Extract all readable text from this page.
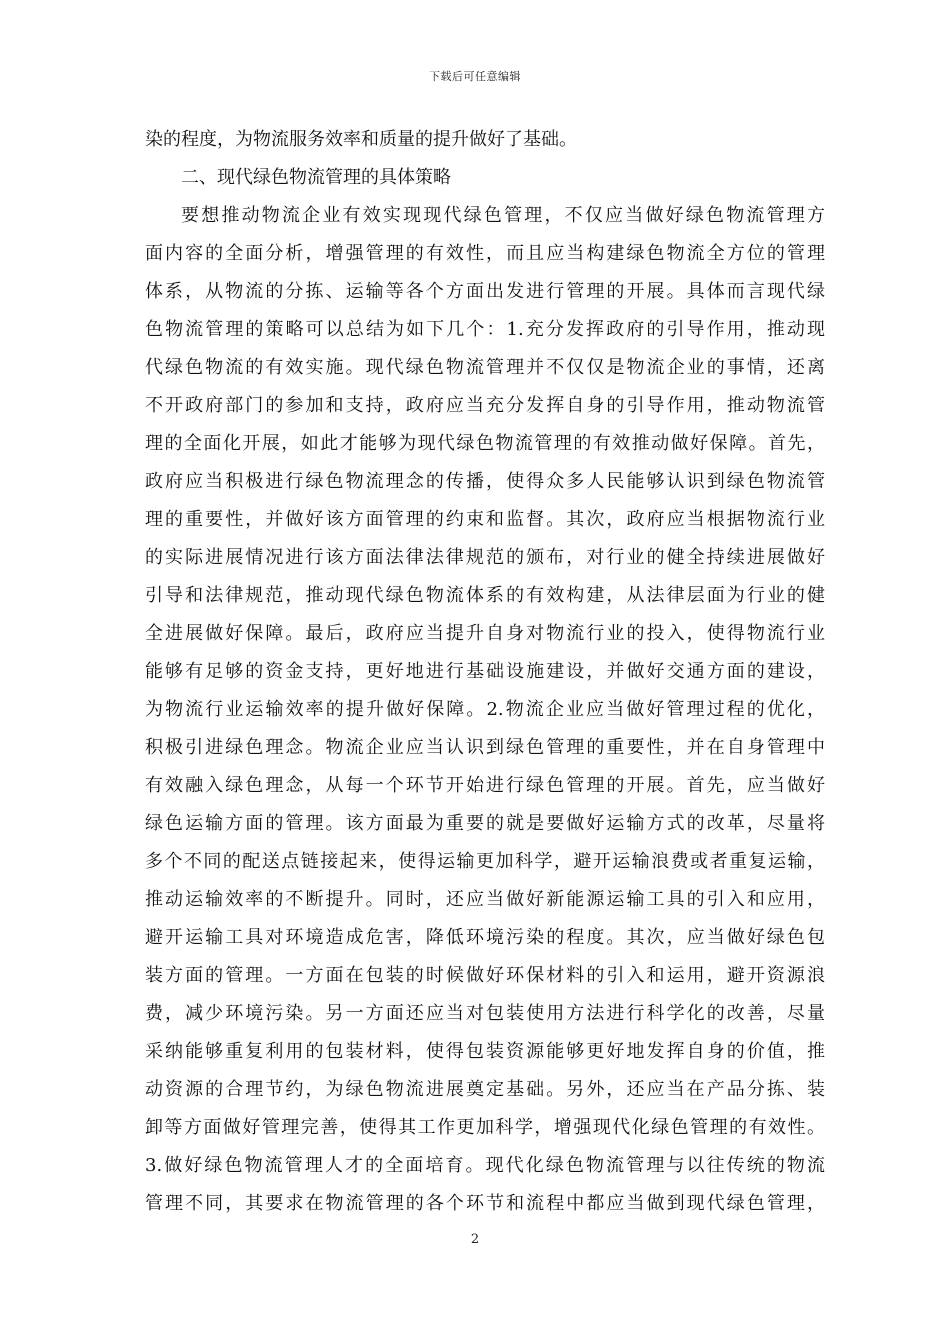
下载后可任意编辑
染的程度，为物流服务效率和质量的提升做好了基础。
二、现代绿色物流管理的具体策略
要想推动物流企业有效实现现代绿色管理，不仅应当做好绿色物流管理方
面内容的全面分析，增强管理的有效性，而且应当构建绿色物流全方位的管理
体系，从物流的分拣、运输等各个方面出发进行管理的开展。具体而言现代绿
色物流管理的策略可以总结为如下几个：1.充分发挥政府的引导作用，推动现
代绿色物流的有效实施。现代绿色物流管理并不仅仅是物流企业的事情，还离
不开政府部门的参加和支持，政府应当充分发挥自身的引导作用，推动物流管
理的全面化开展，如此才能够为现代绿色物流管理的有效推动做好保障。首先，
政府应当积极进行绿色物流理念的传播，使得众多人民能够认识到绿色物流管
理的重要性，并做好该方面管理的约束和监督。其次，政府应当根据物流行业
的实际进展情况进行该方面法律法律规范的颁布，对行业的健全持续进展做好
引导和法律规范，推动现代绿色物流体系的有效构建，从法律层面为行业的健
全进展做好保障。最后，政府应当提升自身对物流行业的投入，使得物流行业
能够有足够的资金支持，更好地进行基础设施建设，并做好交通方面的建设，
为物流行业运输效率的提升做好保障。2.物流企业应当做好管理过程的优化，
积极引进绿色理念。物流企业应当认识到绿色管理的重要性，并在自身管理中
有效融入绿色理念，从每一个环节开始进行绿色管理的开展。首先，应当做好
绿色运输方面的管理。该方面最为重要的就是要做好运输方式的改革，尽量将
多个不同的配送点链接起来，使得运输更加科学，避开运输浪费或者重复运输，
推动运输效率的不断提升。同时，还应当做好新能源运输工具的引入和应用，
避开运输工具对环境造成危害，降低环境污染的程度。其次，应当做好绿色包
装方面的管理。一方面在包装的时候做好环保材料的引入和运用，避开资源浪
费，减少环境污染。另一方面还应当对包装使用方法进行科学化的改善，尽量
采纳能够重复利用的包装材料，使得包装资源能够更好地发挥自身的价值，推
动资源的合理节约，为绿色物流进展奠定基础。另外，还应当在产品分拣、装
卸等方面做好管理完善，使得其工作更加科学，增强现代化绿色管理的有效性。
3.做好绿色物流管理人才的全面培育。现代化绿色物流管理与以往传统的物流
管理不同，其要求在物流管理的各个环节和流程中都应当做到现代绿色管理，
2
